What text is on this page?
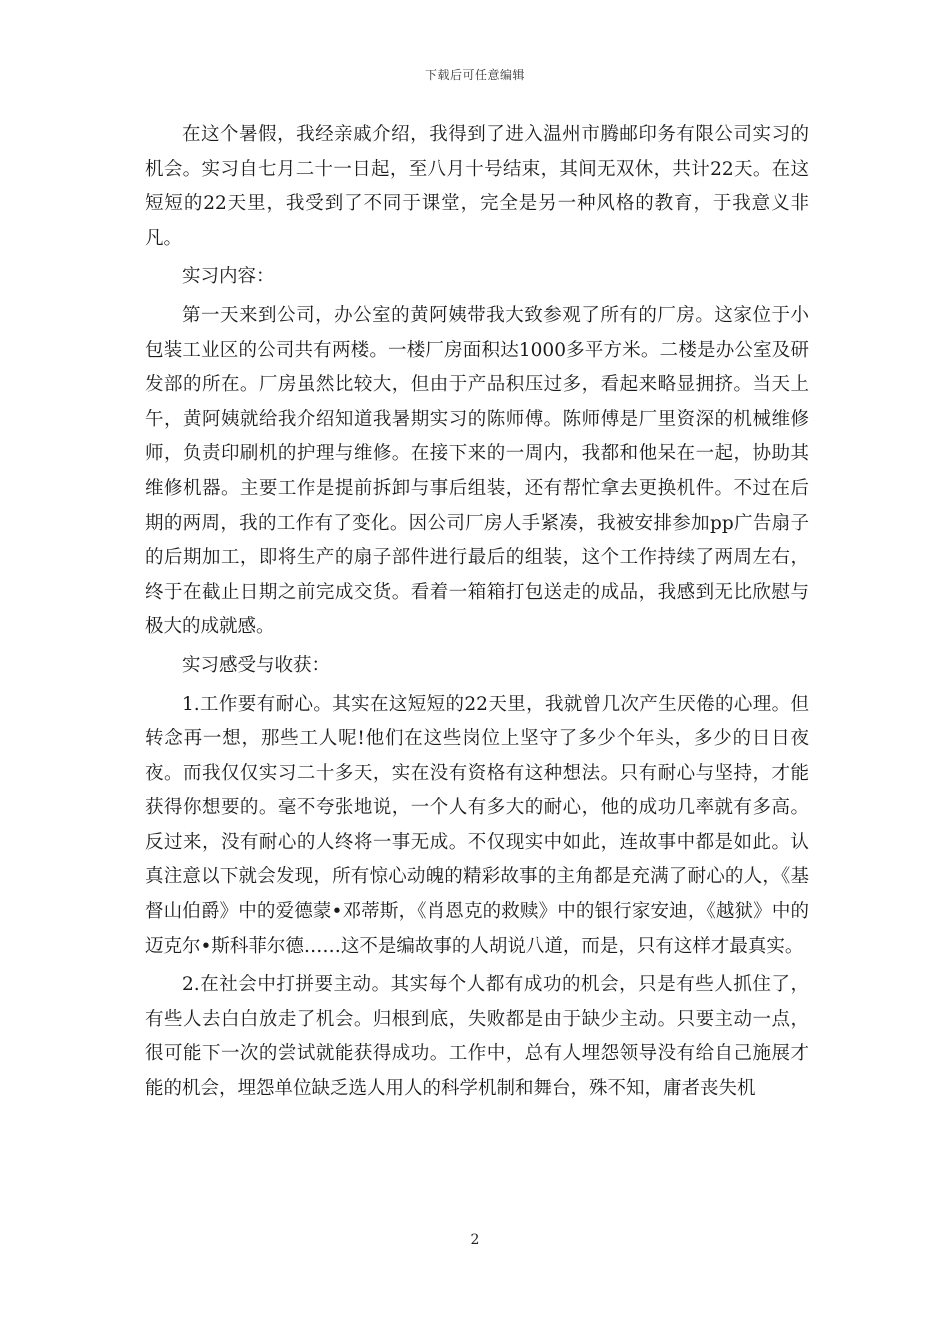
下载后可任意编辑

在这个暑假，我经亲戚介绍，我得到了进入温州市腾邮印务有限公司实习的机会。实习自七月二十一日起，至八月十号结束，其间无双休，共计22天。在这短短的22天里，我受到了不同于课堂，完全是另一种风格的教育，于我意义非凡。

实习内容：

第一天来到公司，办公室的黄阿姨带我大致参观了所有的厂房。这家位于小包装工业区的公司共有两楼。一楼厂房面积达1000多平方米。二楼是办公室及研发部的所在。厂房虽然比较大，但由于产品积压过多，看起来略显拥挤。当天上午，黄阿姨就给我介绍知道我暑期实习的陈师傅。陈师傅是厂里资深的机械维修师，负责印刷机的护理与维修。在接下来的一周内，我都和他呆在一起，协助其维修机器。主要工作是提前拆卸与事后组装，还有帮忙拿去更换机件。不过在后期的两周，我的工作有了变化。因公司厂房人手紧凑，我被安排参加pp广告扇子的后期加工，即将生产的扇子部件进行最后的组装，这个工作持续了两周左右，终于在截止日期之前完成交货。看着一箱箱打包送走的成品，我感到无比欣慰与极大的成就感。

实习感受与收获：

1.工作要有耐心。其实在这短短的22天里，我就曾几次产生厌倦的心理。但转念再一想，那些工人呢!他们在这些岗位上坚守了多少个年头，多少的日日夜夜。而我仅仅实习二十多天，实在没有资格有这种想法。只有耐心与坚持，才能获得你想要的。毫不夸张地说，一个人有多大的耐心，他的成功几率就有多高。反过来，没有耐心的人终将一事无成。不仅现实中如此，连故事中都是如此。认真注意以下就会发现，所有惊心动魄的精彩故事的主角都是充满了耐心的人，《基督山伯爵》中的爱德蒙•邓蒂斯，《肖恩克的救赎》中的银行家安迪，《越狱》中的迈克尔•斯科菲尔德……这不是编故事的人胡说八道，而是，只有这样才最真实。

2.在社会中打拼要主动。其实每个人都有成功的机会，只是有些人抓住了，有些人去白白放走了机会。归根到底，失败都是由于缺少主动。只要主动一点，很可能下一次的尝试就能获得成功。工作中，总有人埋怨领导没有给自己施展才能的机会，埋怨单位缺乏选人用人的科学机制和舞台，殊不知，庸者丧失机

2
